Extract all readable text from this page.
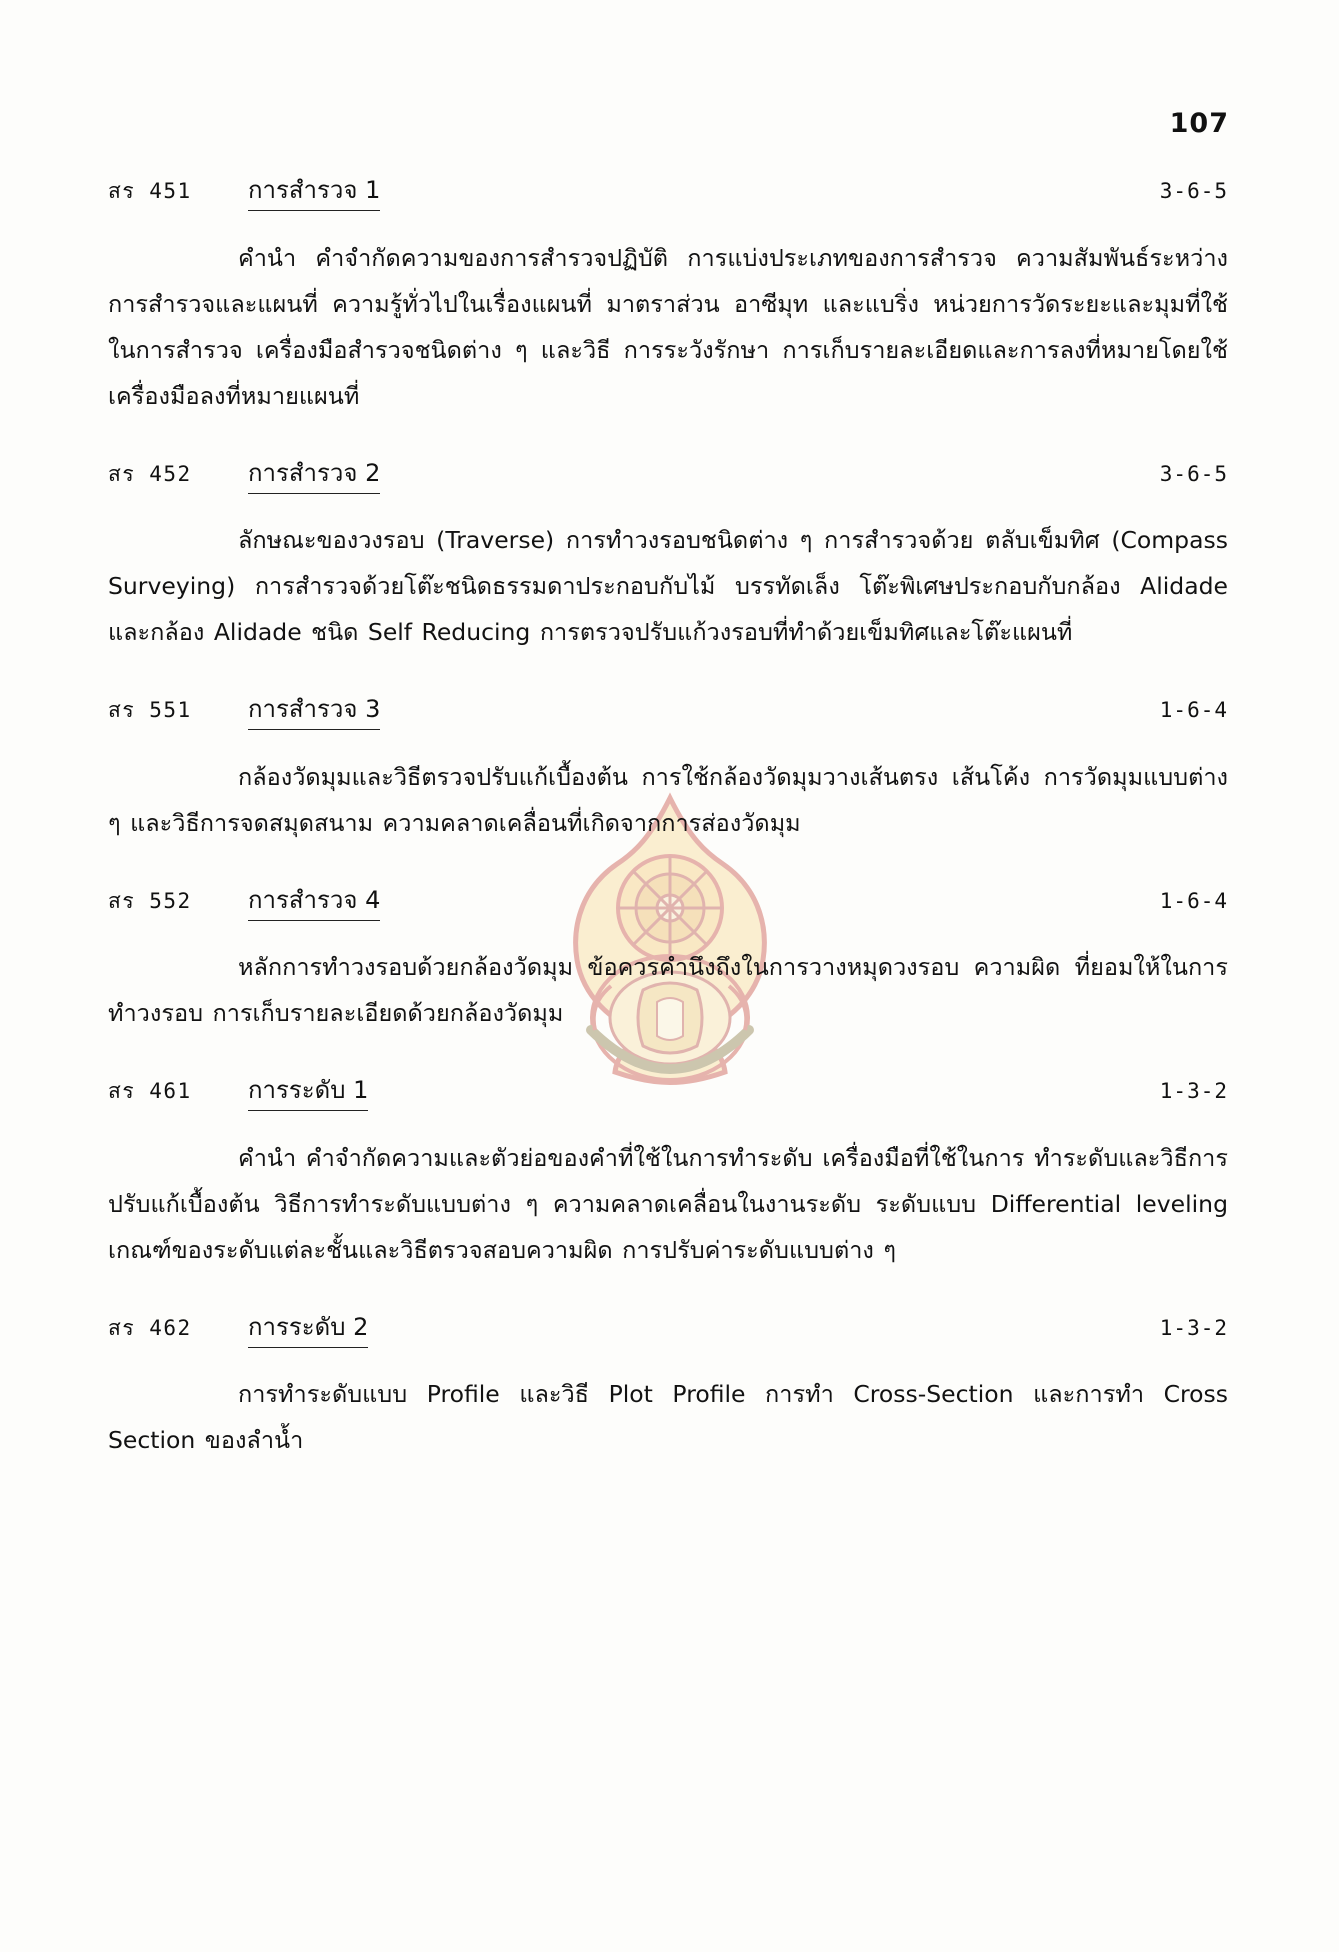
107
สร 451	การสำรวจ 1	3-6-5

คำนำ คำจำกัดความของการสำรวจปฏิบัติ การแบ่งประเภทของการสำรวจ ความสัมพันธ์ระหว่างการสำรวจและแผนที่ ความรู้ทั่วไปในเรื่องแผนที่ มาตราส่วน อาซีมุท และแบริ่ง หน่วยการวัดระยะและมุมที่ใช้ในการสำรวจ เครื่องมือสำรวจชนิดต่าง ๆ และวิธี การระวังรักษา การเก็บรายละเอียดและการลงที่หมายโดยใช้เครื่องมือลงที่หมายแผนที่

สร 452	การสำรวจ 2	3-6-5

ลักษณะของวงรอบ (Traverse) การทำวงรอบชนิดต่าง ๆ การสำรวจด้วย ตลับเข็มทิศ (Compass Surveying) การสำรวจด้วยโต๊ะชนิดธรรมดาประกอบกับไม้ บรรทัดเล็ง โต๊ะพิเศษประกอบกับกล้อง Alidade และกล้อง Alidade ชนิด Self Reducing การตรวจปรับแก้วงรอบที่ทำด้วยเข็มทิศและโต๊ะแผนที่

สร 551	การสำรวจ 3	1-6-4

กล้องวัดมุมและวิธีตรวจปรับแก้เบื้องต้น การใช้กล้องวัดมุมวางเส้นตรง เส้นโค้ง การวัดมุมแบบต่าง ๆ และวิธีการจดสมุดสนาม ความคลาดเคลื่อนที่เกิดจากการส่องวัดมุม

สร 552	การสำรวจ 4	1-6-4

หลักการทำวงรอบด้วยกล้องวัดมุม ข้อควรคำนึงถึงในการวางหมุดวงรอบ ความผิด ที่ยอมให้ในการทำวงรอบ การเก็บรายละเอียดด้วยกล้องวัดมุม

สร 461	การระดับ 1	1-3-2

คำนำ คำจำกัดความและตัวย่อของคำที่ใช้ในการทำระดับ เครื่องมือที่ใช้ในการ ทำระดับและวิธีการปรับแก้เบื้องต้น วิธีการทำระดับแบบต่าง ๆ ความคลาดเคลื่อนในงานระดับ ระดับแบบ Differential leveling เกณฑ์ของระดับแต่ละชั้นและวิธีตรวจสอบความผิด การปรับค่าระดับแบบต่าง ๆ

สร 462	การระดับ 2	1-3-2

การทำระดับแบบ Profile และวิธี Plot Profile การทำ Cross-Section และการทำ Cross Section ของลำน้ำ
